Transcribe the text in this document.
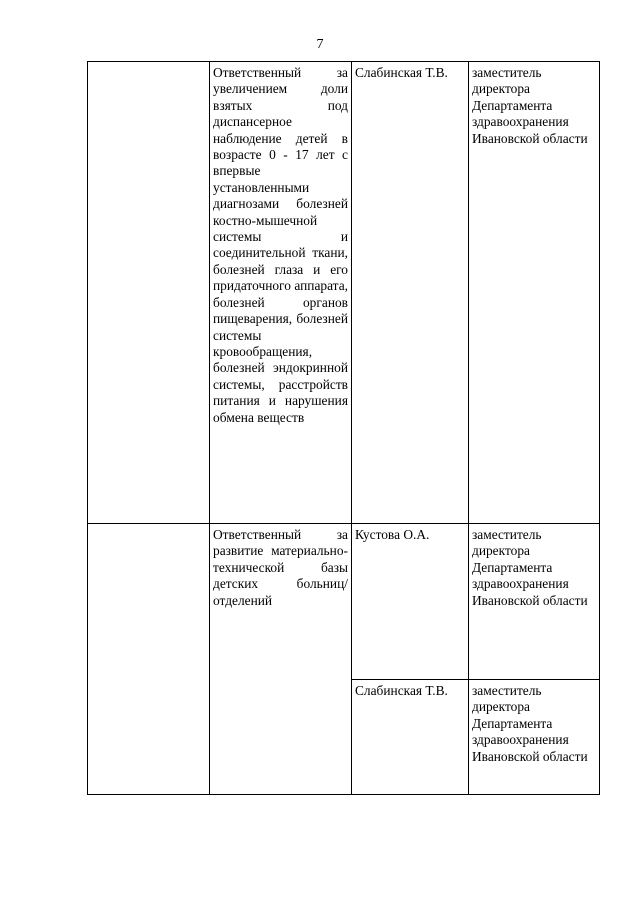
7
	Ответственный за увеличением доли взятых под диспансерное наблюдение детей в возрасте 0 - 17 лет с впервые установленными диагнозами болезней костно-мышечной системы и соединительной ткани, болезней глаза и его придаточного аппарата, болезней органов пищеварения, болезней системы кровообращения, болезней эндокринной системы, расстройств питания и нарушения обмена веществ	Слабинская Т.В.	заместитель директора Департамента здравоохранения Ивановской области
	Ответственный за развитие материально-технической базы детских больниц/отделений	Кустова О.А.	заместитель директора Департамента здравоохранения Ивановской области
		Слабинская Т.В.	заместитель директора Департамента здравоохранения Ивановской области
